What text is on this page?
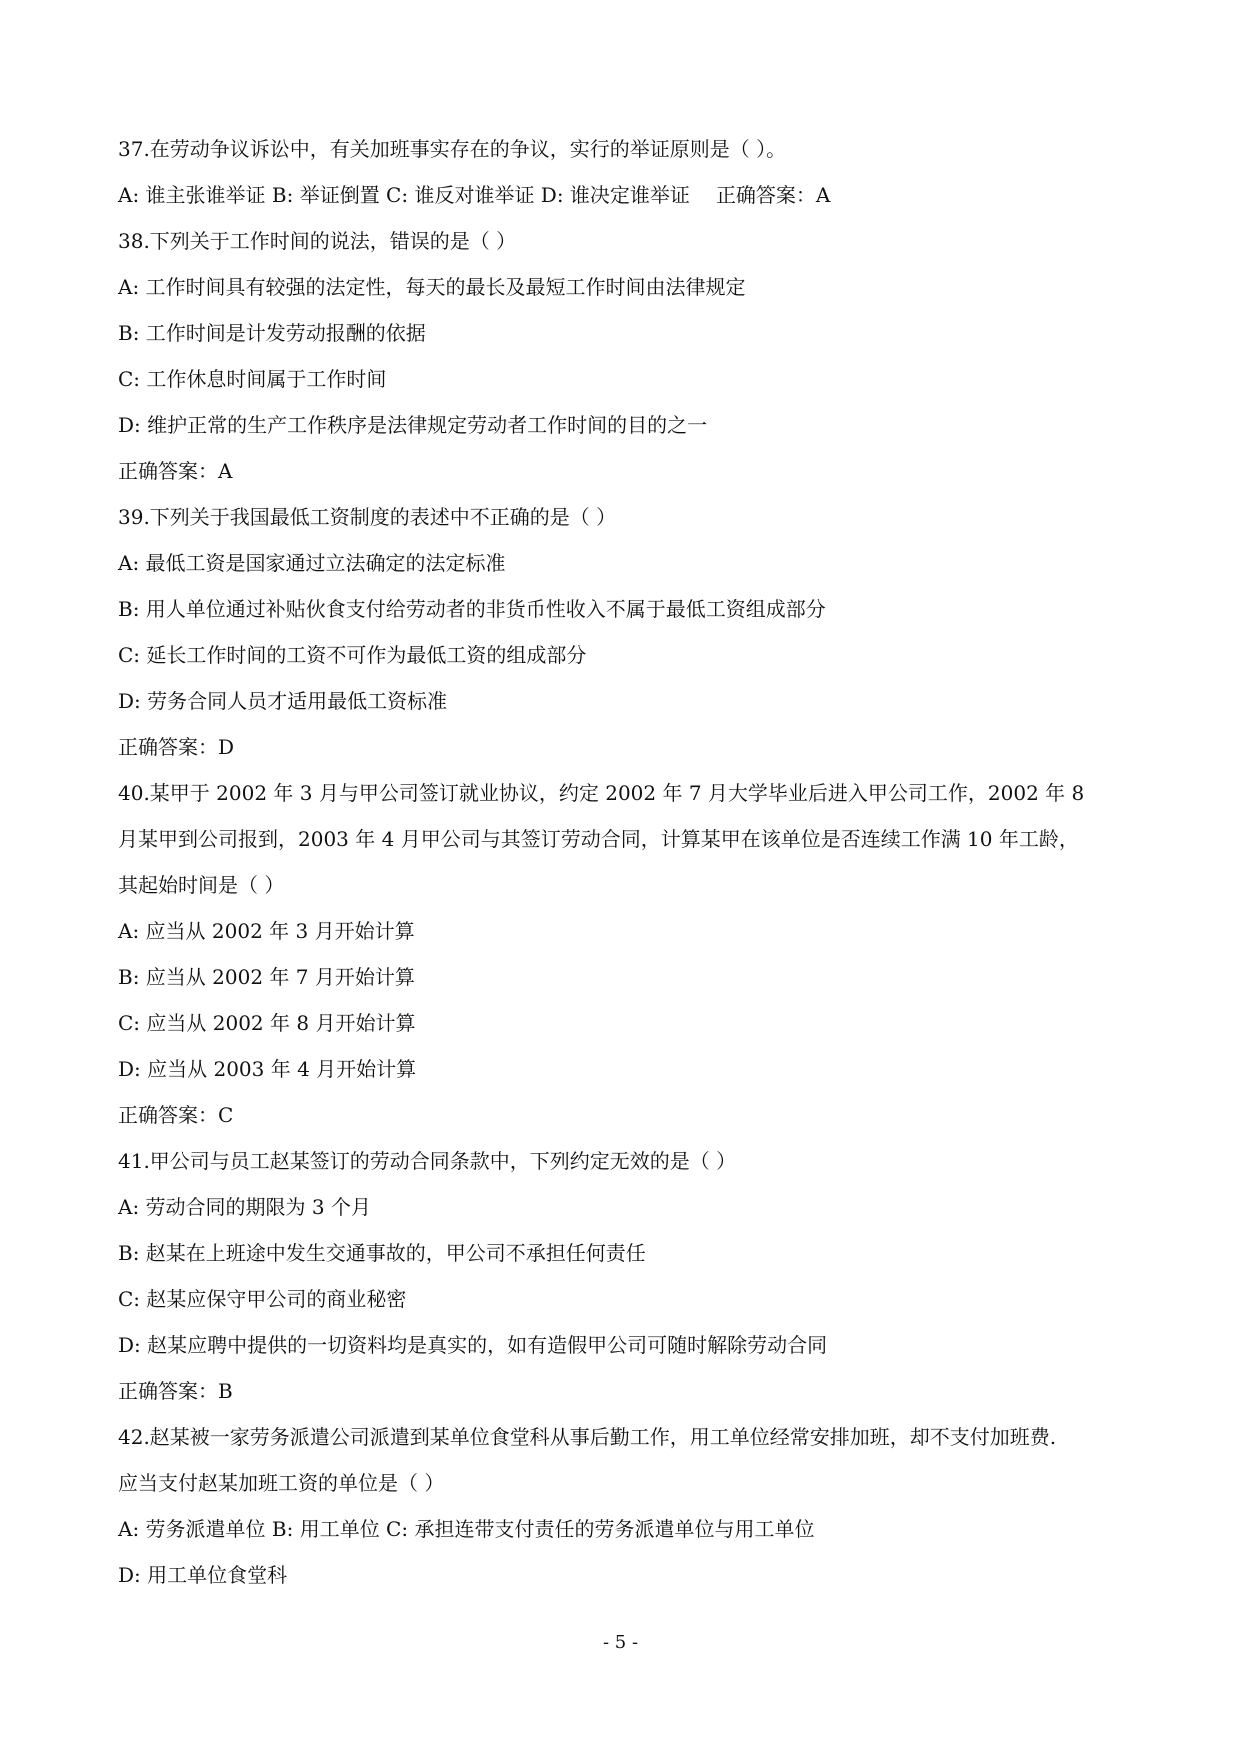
37.在劳动争议诉讼中，有关加班事实存在的争议，实行的举证原则是（ ）。
A: 谁主张谁举证 B: 举证倒置 C: 谁反对谁举证 D: 谁决定谁举证 正确答案：A
38.下列关于工作时间的说法，错误的是（ ）
A: 工作时间具有较强的法定性，每天的最长及最短工作时间由法律规定
B: 工作时间是计发劳动报酬的依据
C: 工作休息时间属于工作时间
D: 维护正常的生产工作秩序是法律规定劳动者工作时间的目的之一
正确答案：A
39.下列关于我国最低工资制度的表述中不正确的是（ ）
A: 最低工资是国家通过立法确定的法定标准
B: 用人单位通过补贴伙食支付给劳动者的非货币性收入不属于最低工资组成部分
C: 延长工作时间的工资不可作为最低工资的组成部分
D: 劳务合同人员才适用最低工资标准
正确答案：D
40.某甲于 2002 年 3 月与甲公司签订就业协议，约定 2002 年 7 月大学毕业后进入甲公司工作，2002 年 8
月某甲到公司报到，2003 年 4 月甲公司与其签订劳动合同，计算某甲在该单位是否连续工作满 10 年工龄，
其起始时间是（ ）
A: 应当从 2002 年 3 月开始计算
B: 应当从 2002 年 7 月开始计算
C: 应当从 2002 年 8 月开始计算
D: 应当从 2003 年 4 月开始计算
正确答案：C
41.甲公司与员工赵某签订的劳动合同条款中，下列约定无效的是（ ）
A: 劳动合同的期限为 3 个月
B: 赵某在上班途中发生交通事故的，甲公司不承担任何责任
C: 赵某应保守甲公司的商业秘密
D: 赵某应聘中提供的一切资料均是真实的，如有造假甲公司可随时解除劳动合同
正确答案：B
42.赵某被一家劳务派遣公司派遣到某单位食堂科从事后勤工作，用工单位经常安排加班，却不支付加班费.
应当支付赵某加班工资的单位是（ ）
A: 劳务派遣单位 B: 用工单位 C: 承担连带支付责任的劳务派遣单位与用工单位
D: 用工单位食堂科
- 5 -
